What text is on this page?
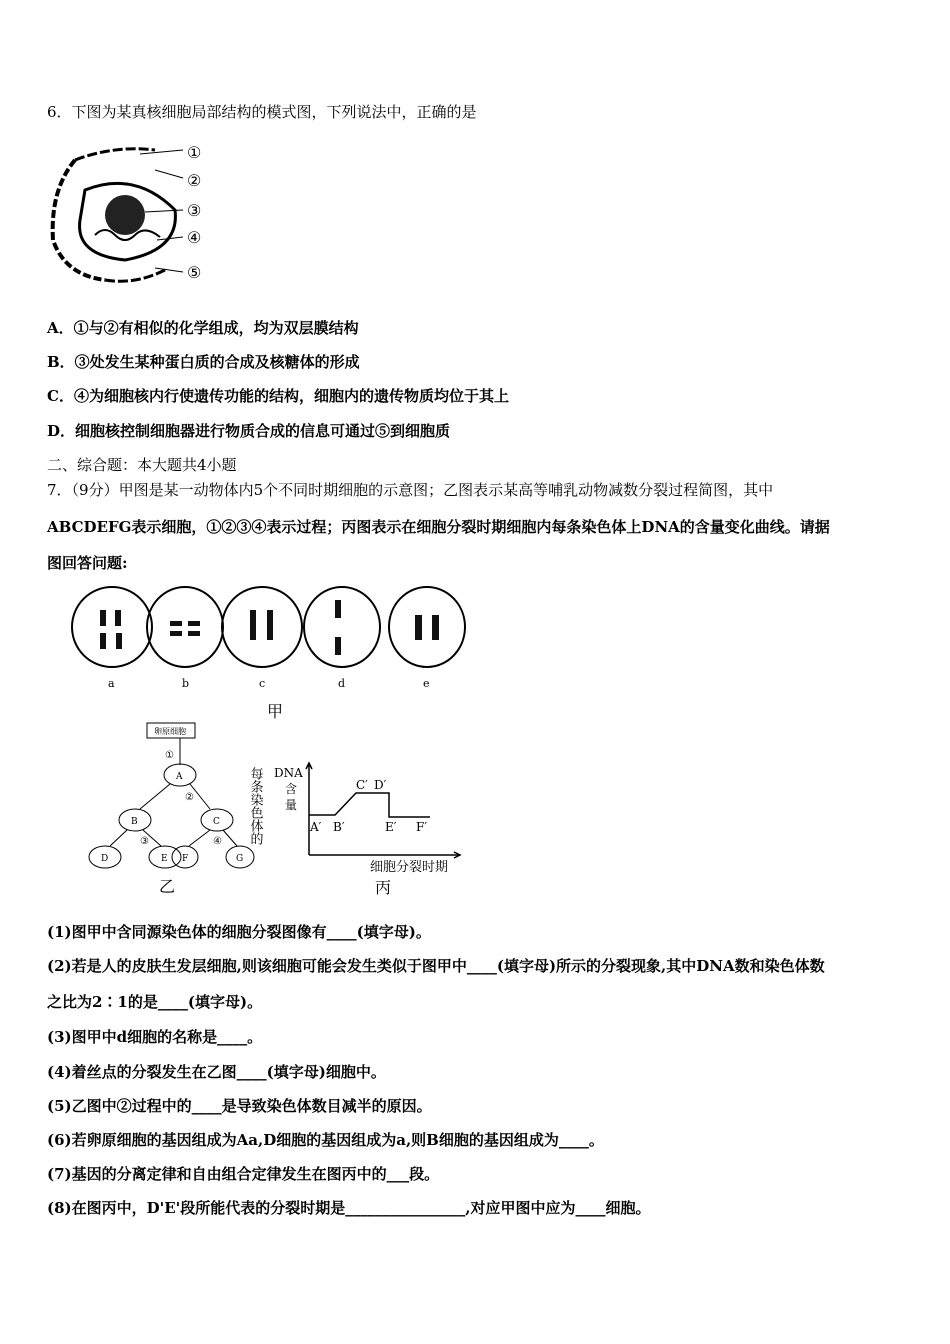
6．下图为某真核细胞局部结构的模式图，下列说法中，正确的是
①
②
③
④
⑤
A．①与②有相似的化学组成，均为双层膜结构
B．③处发生某种蛋白质的合成及核糖体的形成
C．④为细胞核内行使遗传功能的结构，细胞内的遗传物质均位于其上
D．细胞核控制细胞器进行物质合成的信息可通过⑤到细胞质
二、综合题：本大题共4小题
7．（9分）甲图是某一动物体内5个不同时期细胞的示意图；乙图表示某高等哺乳动物减数分裂过程简图，其中
ABCDEFG表示细胞，①②③④表示过程；丙图表示在细胞分裂时期细胞内每条染色体上DNA的含量变化曲线。请据
图回答问题:
a	b	c	d	e
甲
卵原细胞
①
②
③	④
A
B	C
D	E F	G
乙
每条染色体的 DNA
含
量
A′ B′
C′ D′
E′ F′
细胞分裂时期
丙
(1)图甲中含同源染色体的细胞分裂图像有____(填字母)。
(2)若是人的皮肤生发层细胞,则该细胞可能会发生类似于图甲中____(填字母)所示的分裂现象,其中DNA数和染色体数
之比为2∶1的是____(填字母)。
(3)图甲中d细胞的名称是____。
(4)着丝点的分裂发生在乙图____(填字母)细胞中。
(5)乙图中②过程中的____是导致染色体数目减半的原因。
(6)若卵原细胞的基因组成为Aa,D细胞的基因组成为a,则B细胞的基因组成为____。
(7)基因的分离定律和自由组合定律发生在图丙中的___段。
(8)在图丙中，D'E'段所能代表的分裂时期是________________,对应甲图中应为____细胞。
